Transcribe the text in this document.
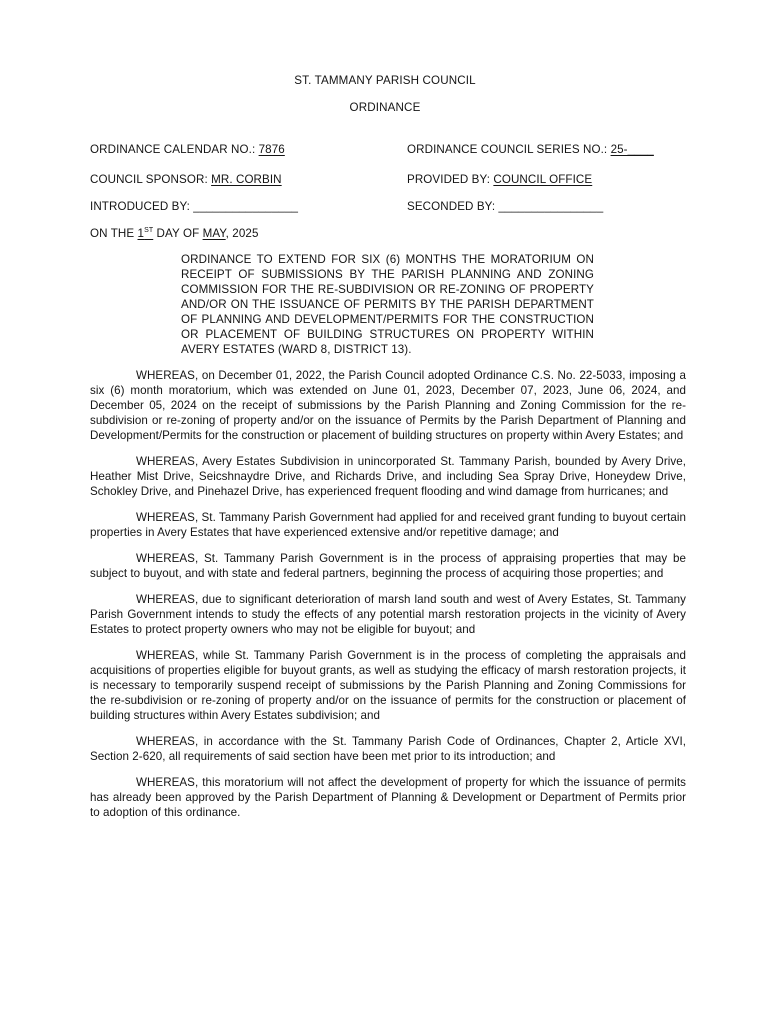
ST. TAMMANY PARISH COUNCIL
ORDINANCE
ORDINANCE CALENDAR NO.: 7876	ORDINANCE COUNCIL SERIES NO.: 25-____
COUNCIL SPONSOR: MR. CORBIN	PROVIDED BY: COUNCIL OFFICE
INTRODUCED BY: ________________	SECONDED BY: ________________
ON THE 1ST DAY OF MAY, 2025
ORDINANCE TO EXTEND FOR SIX (6) MONTHS THE MORATORIUM ON RECEIPT OF SUBMISSIONS BY THE PARISH PLANNING AND ZONING COMMISSION FOR THE RE-SUBDIVISION OR RE-ZONING OF PROPERTY AND/OR ON THE ISSUANCE OF PERMITS BY THE PARISH DEPARTMENT OF PLANNING AND DEVELOPMENT/PERMITS FOR THE CONSTRUCTION OR PLACEMENT OF BUILDING STRUCTURES ON PROPERTY WITHIN AVERY ESTATES (WARD 8, DISTRICT 13).

WHEREAS, on December 01, 2022, the Parish Council adopted Ordinance C.S. No. 22-5033, imposing a six (6) month moratorium, which was extended on June 01, 2023, December 07, 2023, June 06, 2024, and December 05, 2024 on the receipt of submissions by the Parish Planning and Zoning Commission for the re-subdivision or re-zoning of property and/or on the issuance of Permits by the Parish Department of Planning and Development/Permits for the construction or placement of building structures on property within Avery Estates; and

WHEREAS, Avery Estates Subdivision in unincorporated St. Tammany Parish, bounded by Avery Drive, Heather Mist Drive, Seicshnaydre Drive, and Richards Drive, and including Sea Spray Drive, Honeydew Drive, Schokley Drive, and Pinehazel Drive, has experienced frequent flooding and wind damage from hurricanes; and

WHEREAS, St. Tammany Parish Government had applied for and received grant funding to buyout certain properties in Avery Estates that have experienced extensive and/or repetitive damage; and

WHEREAS, St. Tammany Parish Government is in the process of appraising properties that may be subject to buyout, and with state and federal partners, beginning the process of acquiring those properties; and

WHEREAS, due to significant deterioration of marsh land south and west of Avery Estates, St. Tammany Parish Government intends to study the effects of any potential marsh restoration projects in the vicinity of Avery Estates to protect property owners who may not be eligible for buyout; and

WHEREAS, while St. Tammany Parish Government is in the process of completing the appraisals and acquisitions of properties eligible for buyout grants, as well as studying the efficacy of marsh restoration projects, it is necessary to temporarily suspend receipt of submissions by the Parish Planning and Zoning Commissions for the re-subdivision or re-zoning of property and/or on the issuance of permits for the construction or placement of building structures within Avery Estates subdivision; and

WHEREAS, in accordance with the St. Tammany Parish Code of Ordinances, Chapter 2, Article XVI, Section 2-620, all requirements of said section have been met prior to its introduction; and

WHEREAS, this moratorium will not affect the development of property for which the issuance of permits has already been approved by the Parish Department of Planning & Development or Department of Permits prior to adoption of this ordinance.
